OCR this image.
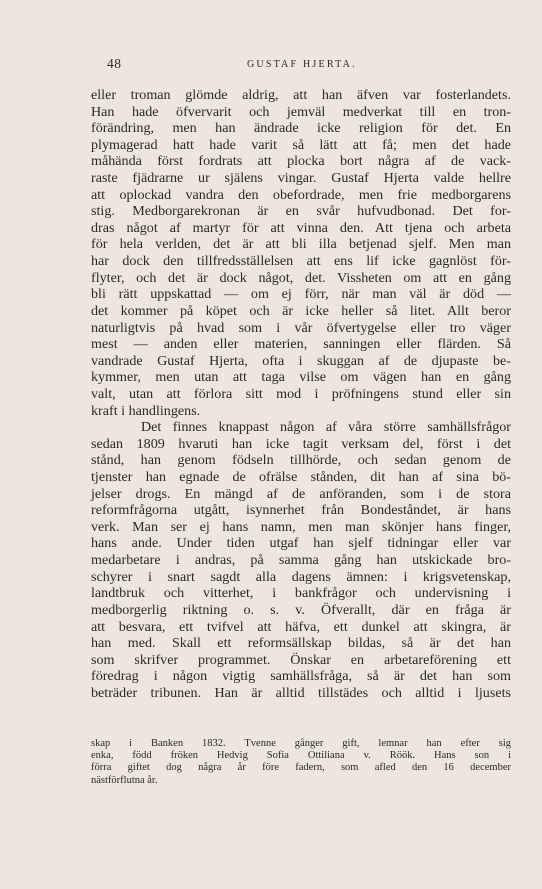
48	GUSTAF HJERTA.
eller troman glömde aldrig, att han äfven var fosterlandets.
Han hade öfvervarit och jemväl medverkat till en tron-
förändring, men han ändrade icke religion för det. En
plymagerad hatt hade varit så lätt att få; men det hade
måhända först fordrats att plocka bort några af de vack-
raste fjädrarne ur själens vingar. Gustaf Hjerta valde hellre
att oplockad vandra den obefordrade, men frie medborgarens
stig. Medborgarekronan är en svår hufvudbonad. Det for-
dras något af martyr för att vinna den. Att tjena och arbeta
för hela verlden, det är att bli illa betjenad sjelf. Men man
har dock den tillfredsställelsen att ens lif icke gagnlöst för-
flyter, och det är dock något, det. Vissheten om att en gång
bli rätt uppskattad — om ej förr, när man väl är död —
det kommer på köpet och är icke heller så litet. Allt beror
naturligtvis på hvad som i vår öfvertygelse eller tro väger
mest — anden eller materien, sanningen eller flärden. Så
vandrade Gustaf Hjerta, ofta i skuggan af de djupaste be-
kymmer, men utan att taga vilse om vägen han en gång
valt, utan att förlora sitt mod i pröfningens stund eller sin
kraft i handlingens.
Det finnes knappast någon af våra större samhällsfrågor
sedan 1809 hvaruti han icke tagit verksam del, först i det
stånd, han genom födseln tillhörde, och sedan genom de
tjenster han egnade de ofrälse stånden, dit han af sina bö-
jelser drogs. En mängd af de anföranden, som i de stora
reformfrågorna utgått, isynnerhet från Bondeståndet, är hans
verk. Man ser ej hans namn, men man skönjer hans finger,
hans ande. Under tiden utgaf han sjelf tidningar eller var
medarbetare i andras, på samma gång han utskickade bro-
schyrer i snart sagdt alla dagens ämnen: i krigsvetenskap,
landtbruk och vitterhet, i bankfrågor och undervisning i
medborgerlig riktning o. s. v. Öfverallt, där en fråga är
att besvara, ett tvifvel att häfva, ett dunkel att skingra, är
han med. Skall ett reformsällskap bildas, så är det han
som skrifver programmet. Önskar en arbetareförening ett
föredrag i någon vigtig samhällsfråga, så är det han som
beträder tribunen. Han är alltid tillstädes och alltid i ljusets
skap i Banken 1832. Tvenne gånger gift, lemnar han efter sig
enka, född fröken Hedvig Sofia Ottiliana v. Röök. Hans son i
förra giftet dog några år före fadern, som afled den 16 december
nästförflutna år.
